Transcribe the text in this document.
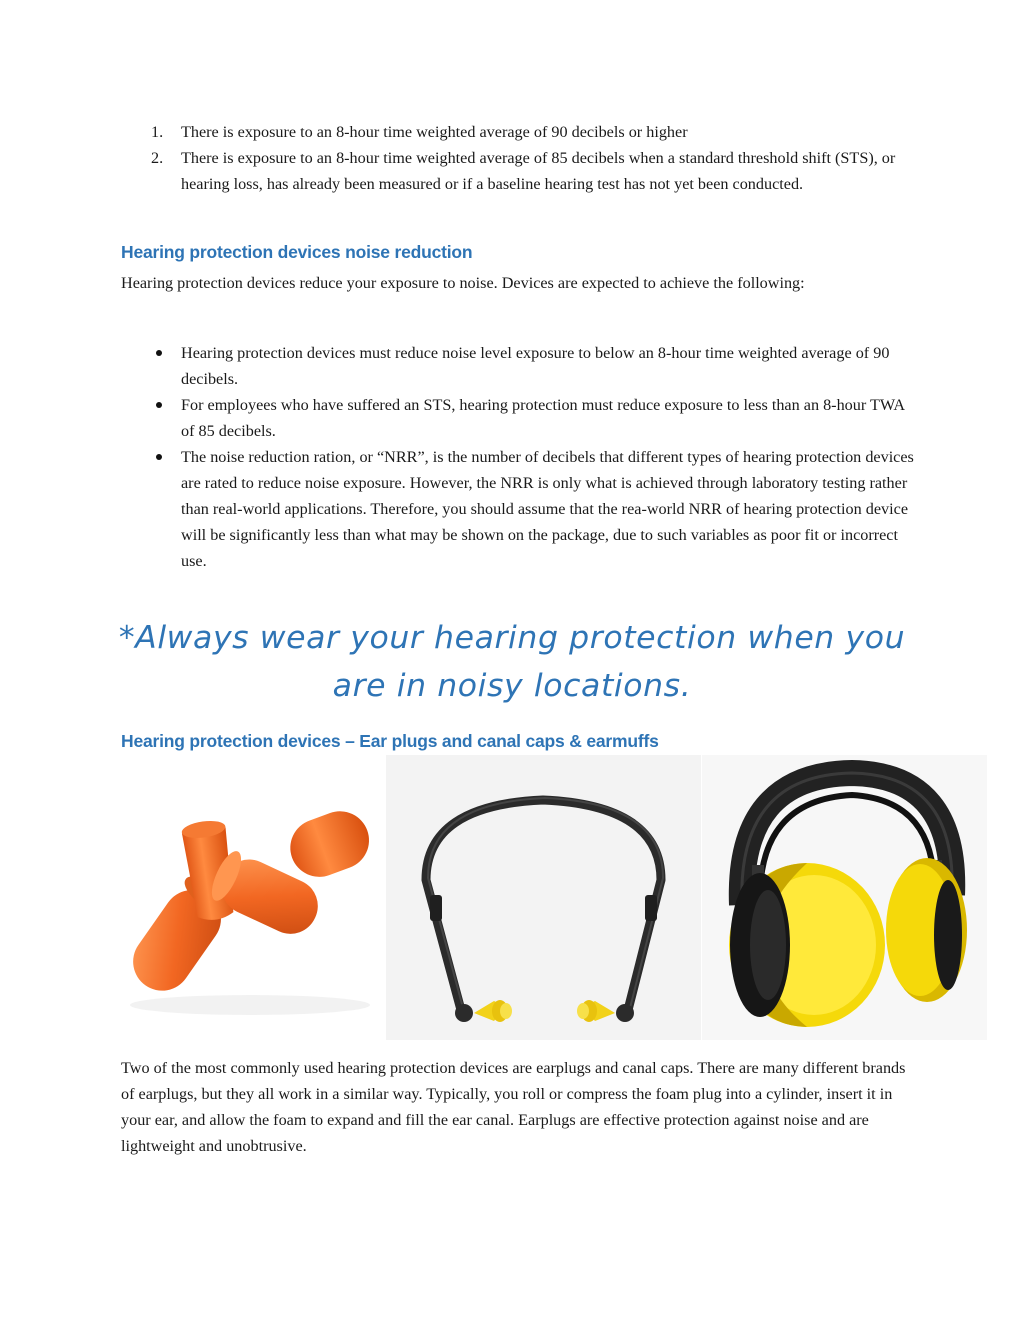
1. There is exposure to an 8-hour time weighted average of 90 decibels or higher
2. There is exposure to an 8-hour time weighted average of 85 decibels when a standard threshold shift (STS), or hearing loss, has already been measured or if a baseline hearing test has not yet been conducted.
Hearing protection devices noise reduction
Hearing protection devices reduce your exposure to noise. Devices are expected to achieve the following:
Hearing protection devices must reduce noise level exposure to below an 8-hour time weighted average of 90 decibels.
For employees who have suffered an STS, hearing protection must reduce exposure to less than an 8-hour TWA of 85 decibels.
The noise reduction ration, or “NRR”, is the number of decibels that different types of hearing protection devices are rated to reduce noise exposure. However, the NRR is only what is achieved through laboratory testing rather than real-world applications. Therefore, you should assume that the rea-world NRR of hearing protection device will be significantly less than what may be shown on the package, due to such variables as poor fit or incorrect use.
*Always wear your hearing protection when you are in noisy locations.
Hearing protection devices – Ear plugs and canal caps & earmuffs
Two of the most commonly used hearing protection devices are earplugs and canal caps. There are many different brands of earplugs, but they all work in a similar way. Typically, you roll or compress the foam plug into a cylinder, insert it in your ear, and allow the foam to expand and fill the ear canal. Earplugs are effective protection against noise and are lightweight and unobtrusive.
